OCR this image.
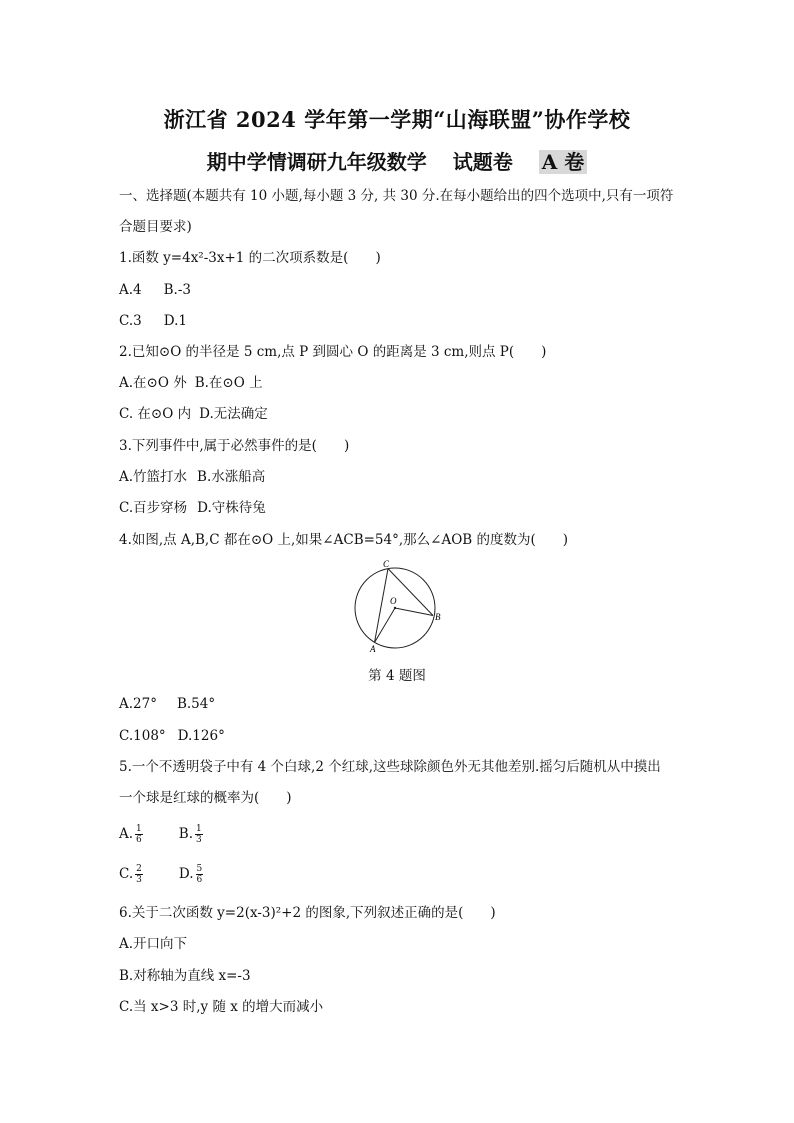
浙江省 2024 学年第一学期“山海联盟”协作学校
期中学情调研九年级数学 试题卷 A 卷
一、选择题(本题共有 10 小题,每小题 3 分, 共 30 分.在每小题给出的四个选项中,只有一项符
合题目要求)
1.函数 y=4x²-3x+1 的二次项系数是(　　)
A.4 B.-3
C.3 D.1
2.已知⊙O 的半径是 5 cm,点 P 到圆心 O 的距离是 3 cm,则点 P(　　)
A.在⊙O 外 B.在⊙O 上
C. 在⊙O 内 D.无法确定
3.下列事件中,属于必然事件的是(　　)
A.竹篮打水 B.水涨船高
C.百步穿杨 D.守株待兔
4.如图,点 A,B,C 都在⊙O 上,如果∠ACB=54°,那么∠AOB 的度数为(　　)
C
O
B
A
第 4 题图
A.27° B.54°
C.108° D.126°
5.一个不透明袋子中有 4 个白球,2 个红球,这些球除颜色外无其他差别.摇匀后随机从中摸出
一个球是红球的概率为(　　)
A. $\frac{1}{6}$	B. $\frac{1}{3}$
C. $\frac{2}{3}$	D. $\frac{5}{6}$
6.关于二次函数 y=2(x-3)²+2 的图象,下列叙述正确的是(　　)
A.开口向下
B.对称轴为直线 x=-3
C.当 x>3 时,y 随 x 的增大而减小
